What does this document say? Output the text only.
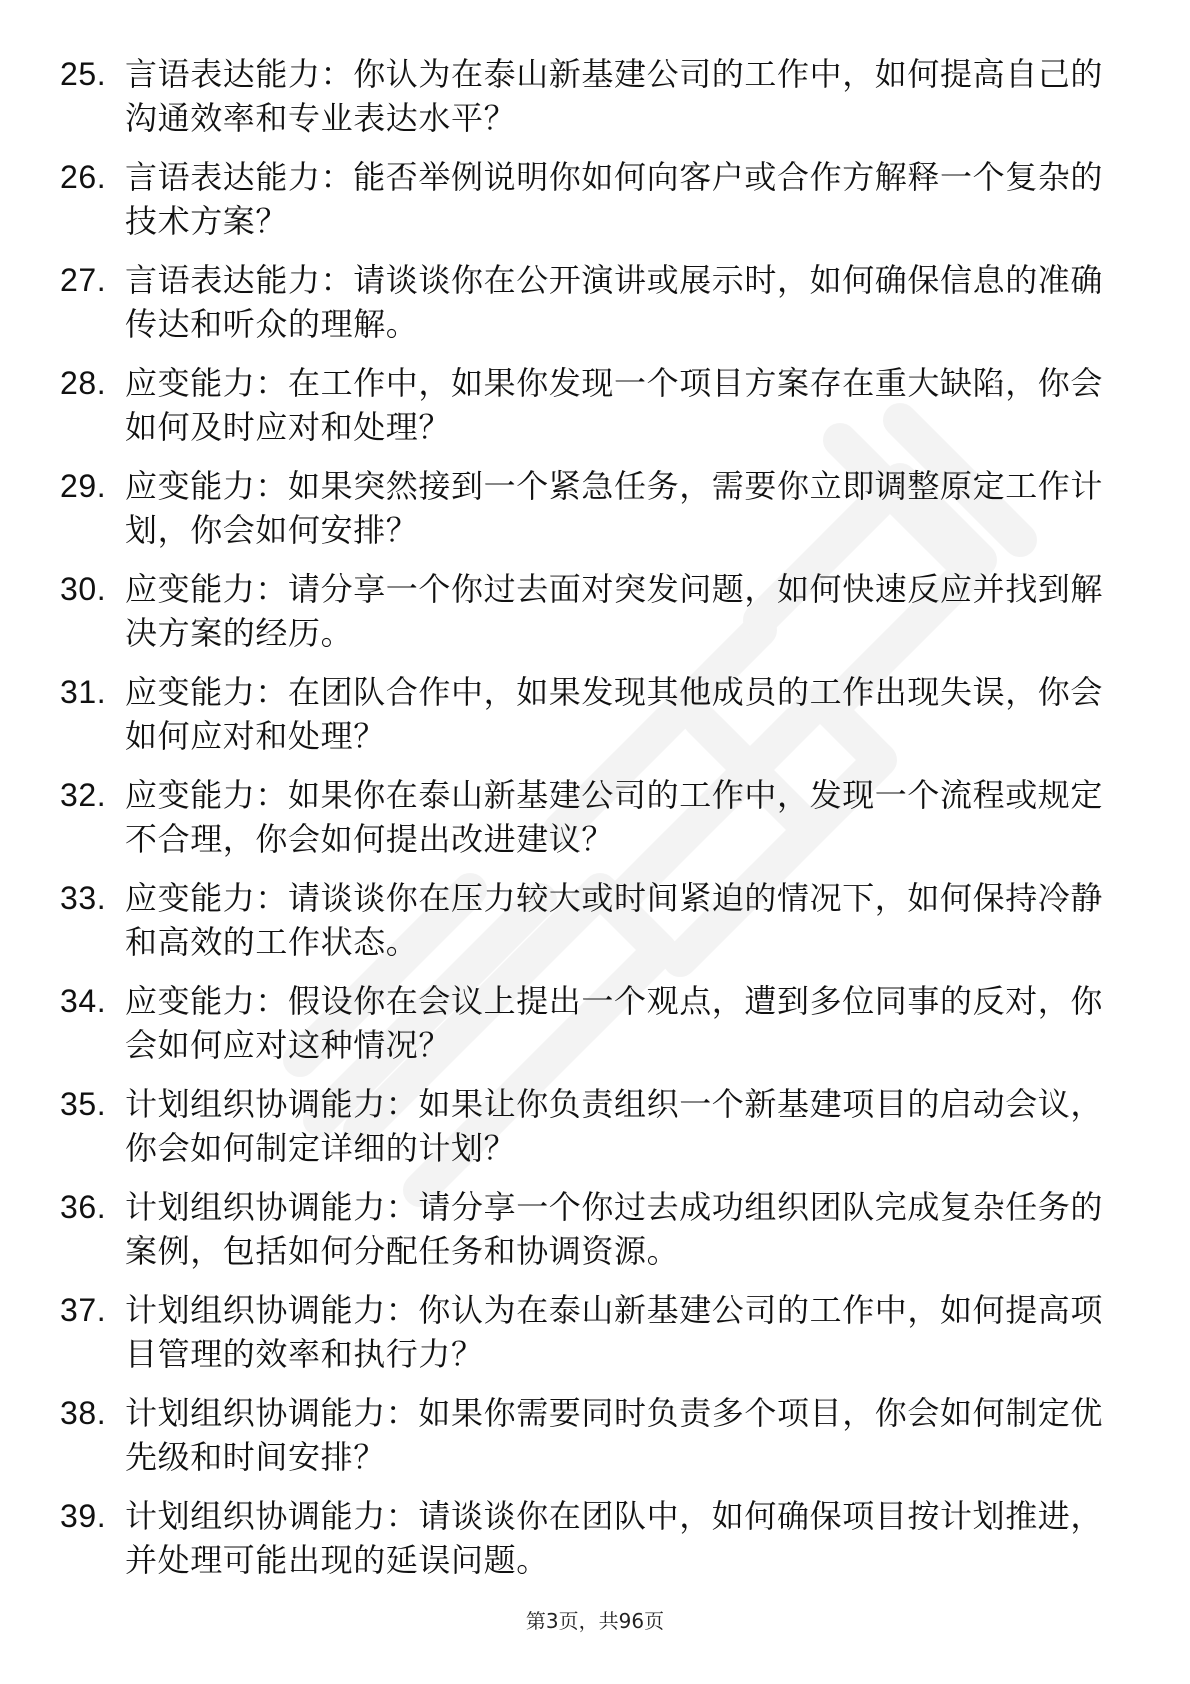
25. 言语表达能力：你认为在泰山新基建公司的工作中，如何提高自己的沟通效率和专业表达水平？
26. 言语表达能力：能否举例说明你如何向客户或合作方解释一个复杂的技术方案？
27. 言语表达能力：请谈谈你在公开演讲或展示时，如何确保信息的准确传达和听众的理解。
28. 应变能力：在工作中，如果你发现一个项目方案存在重大缺陷，你会如何及时应对和处理？
29. 应变能力：如果突然接到一个紧急任务，需要你立即调整原定工作计划，你会如何安排？
30. 应变能力：请分享一个你过去面对突发问题，如何快速反应并找到解决方案的经历。
31. 应变能力：在团队合作中，如果发现其他成员的工作出现失误，你会如何应对和处理？
32. 应变能力：如果你在泰山新基建公司的工作中，发现一个流程或规定不合理，你会如何提出改进建议？
33. 应变能力：请谈谈你在压力较大或时间紧迫的情况下，如何保持冷静和高效的工作状态。
34. 应变能力：假设你在会议上提出一个观点，遭到多位同事的反对，你会如何应对这种情况？
35. 计划组织协调能力：如果让你负责组织一个新基建项目的启动会议，你会如何制定详细的计划？
36. 计划组织协调能力：请分享一个你过去成功组织团队完成复杂任务的案例，包括如何分配任务和协调资源。
37. 计划组织协调能力：你认为在泰山新基建公司的工作中，如何提高项目管理的效率和执行力？
38. 计划组织协调能力：如果你需要同时负责多个项目，你会如何制定优先级和时间安排？
39. 计划组织协调能力：请谈谈你在团队中，如何确保项目按计划推进，并处理可能出现的延误问题。
第3页，共96页
